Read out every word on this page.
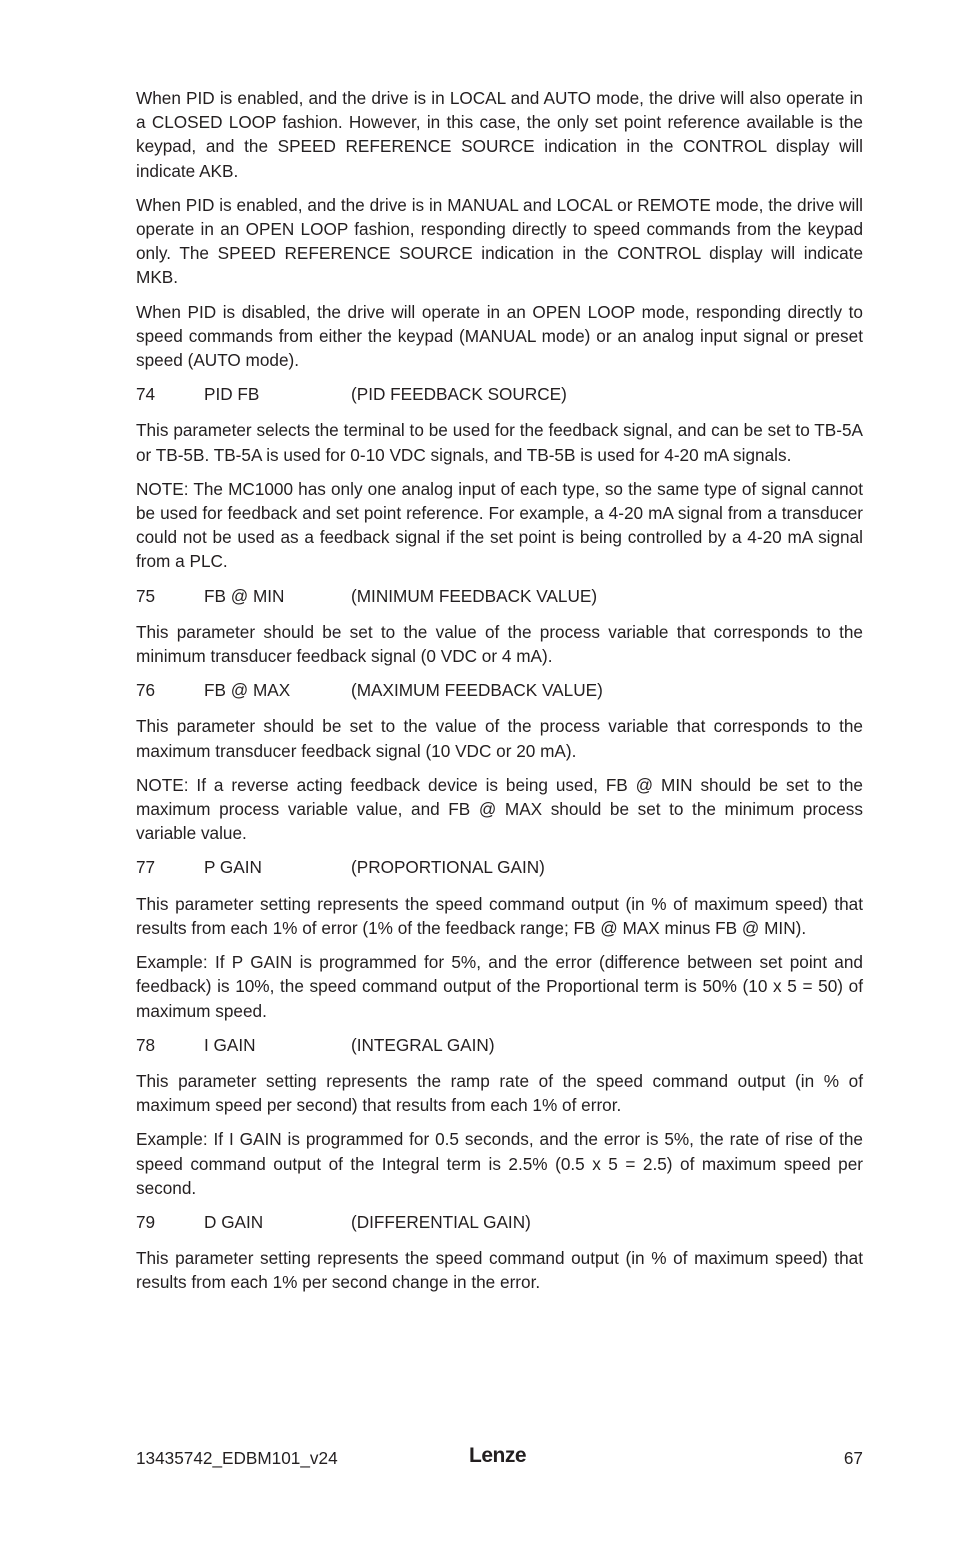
When PID is enabled, and the drive is in LOCAL and AUTO mode, the drive will also operate in a CLOSED LOOP fashion. However, in this case, the only set point reference available is the keypad, and the SPEED REFERENCE SOURCE indication in the CONTROL display will indicate AKB.

When PID is enabled, and the drive is in MANUAL and LOCAL or REMOTE mode, the drive will operate in an OPEN LOOP fashion, responding directly to speed commands from the keypad only. The SPEED REFERENCE SOURCE indication in the CONTROL display will indicate MKB.

When PID is disabled, the drive will operate in an OPEN LOOP mode, responding directly to speed commands from either the keypad (MANUAL mode) or an analog input signal or preset speed (AUTO mode).

74	PID FB	(PID FEEDBACK SOURCE)

This parameter selects the terminal to be used for the feedback signal, and can be set to TB-5A or TB-5B. TB-5A is used for 0-10 VDC signals, and TB-5B is used for 4-20 mA signals.

NOTE: The MC1000 has only one analog input of each type, so the same type of signal cannot be used for feedback and set point reference. For example, a 4-20 mA signal from a transducer could not be used as a feedback signal if the set point is being controlled by a 4-20 mA signal from a PLC.

75	FB @ MIN	(MINIMUM FEEDBACK VALUE)

This parameter should be set to the value of the process variable that corresponds to the minimum transducer feedback signal (0 VDC or 4 mA).

76	FB @ MAX	(MAXIMUM FEEDBACK VALUE)

This parameter should be set to the value of the process variable that corresponds to the maximum transducer feedback signal (10 VDC or 20 mA).

NOTE: If a reverse acting feedback device is being used, FB @ MIN should be set to the maximum process variable value, and FB @ MAX should be set to the minimum process variable value.

77	P GAIN	(PROPORTIONAL GAIN)

This parameter setting represents the speed command output (in % of maximum speed) that results from each 1% of error (1% of the feedback range; FB @ MAX minus FB @ MIN).

Example: If P GAIN is programmed for 5%, and the error (difference between set point and feedback) is 10%, the speed command output of the Proportional term is 50% (10 x 5 = 50) of maximum speed.

78	I GAIN	(INTEGRAL GAIN)

This parameter setting represents the ramp rate of the speed command output (in % of maximum speed per second) that results from each 1% of error.

Example: If I GAIN is programmed for 0.5 seconds, and the error is 5%, the rate of rise of the speed command output of the Integral term is 2.5% (0.5 x 5 = 2.5) of maximum speed per second.

79	D GAIN	(DIFFERENTIAL GAIN)

This parameter setting represents the speed command output (in % of maximum speed) that results from each 1% per second change in the error.

13435742_EDBM101_v24	Lenze	67
